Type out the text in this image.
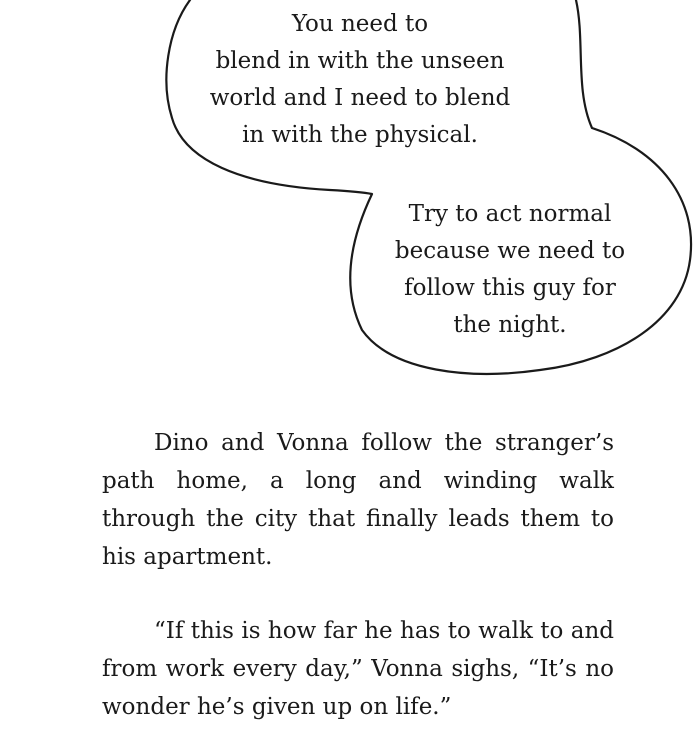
You need to
blend in with the unseen
world and I need to blend
in with the physical.
Try to act normal
because we need to
follow this guy for
the night.
Dino and Vonna follow the stranger’s path home, a long and winding walk through the city that finally leads them to his apartment.
“If this is how far he has to walk to and from work every day,” Vonna sighs, “It’s no wonder he’s given up on life.”
